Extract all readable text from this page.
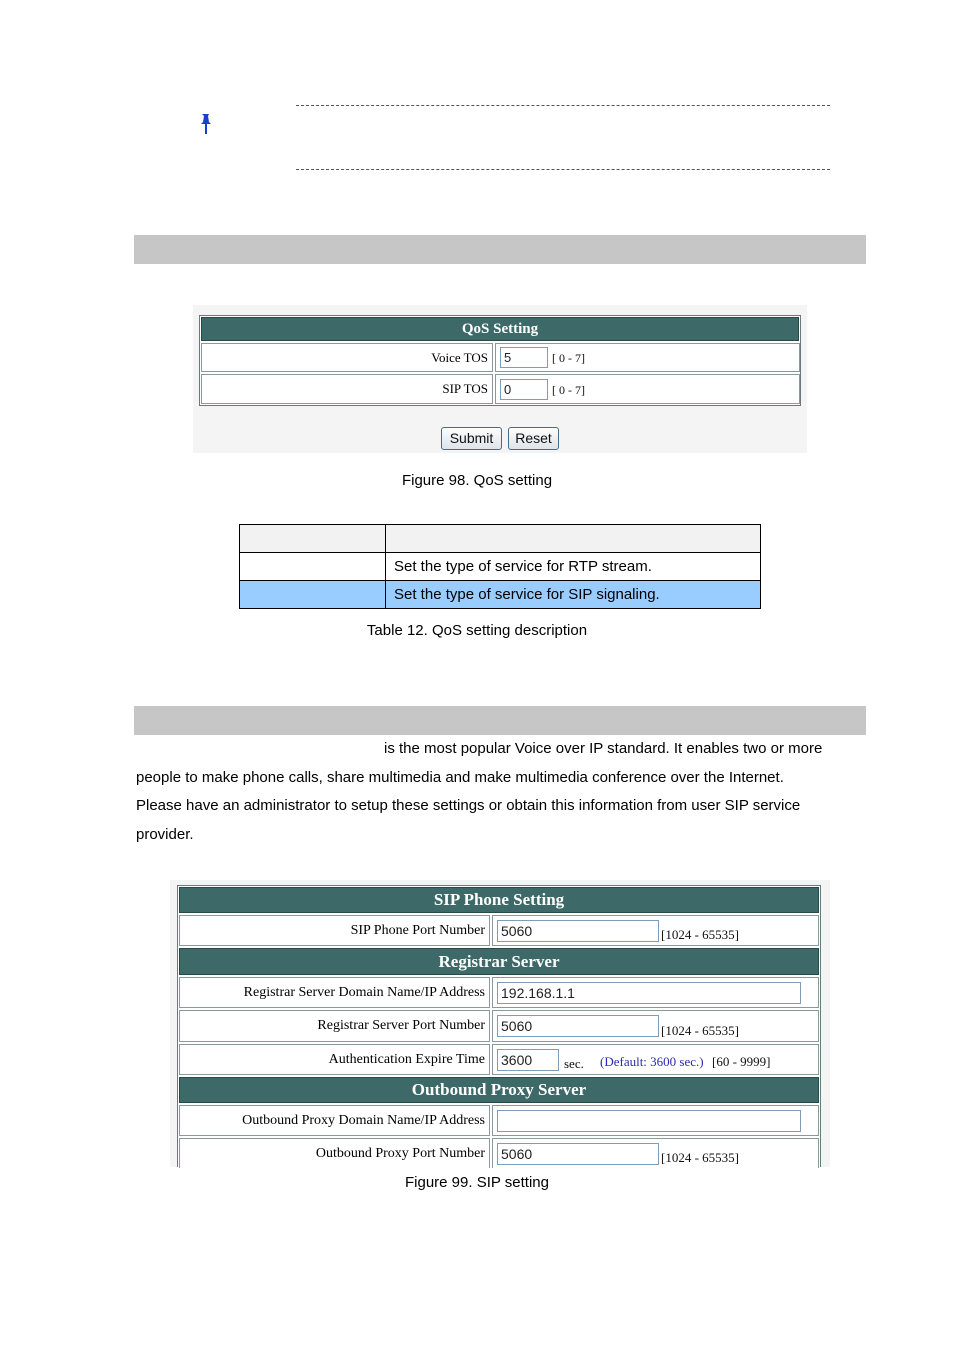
QoS Setting
Voice TOS	5	[ 0 - 7]
SIP TOS	0	[ 0 - 7]
Submit	Reset
Figure 98. QoS setting

	Set the type of service for RTP stream.
	Set the type of service for SIP signaling.
Table 12. QoS setting description
is the most popular Voice over IP standard. It enables two or more
people to make phone calls, share multimedia and make multimedia conference over the Internet.
Please have an administrator to setup these settings or obtain this information from user SIP service
provider.
SIP Phone Setting
SIP Phone Port Number	5060	[1024 - 65535]
Registrar Server
Registrar Server Domain Name/IP Address	192.168.1.1
Registrar Server Port Number	5060	[1024 - 65535]
Authentication Expire Time	3600	sec. (Default: 3600 sec.) [60 - 9999]
Outbound Proxy Server
Outbound Proxy Domain Name/IP Address
Outbound Proxy Port Number	5060	[1024 - 65535]
Figure 99. SIP setting
